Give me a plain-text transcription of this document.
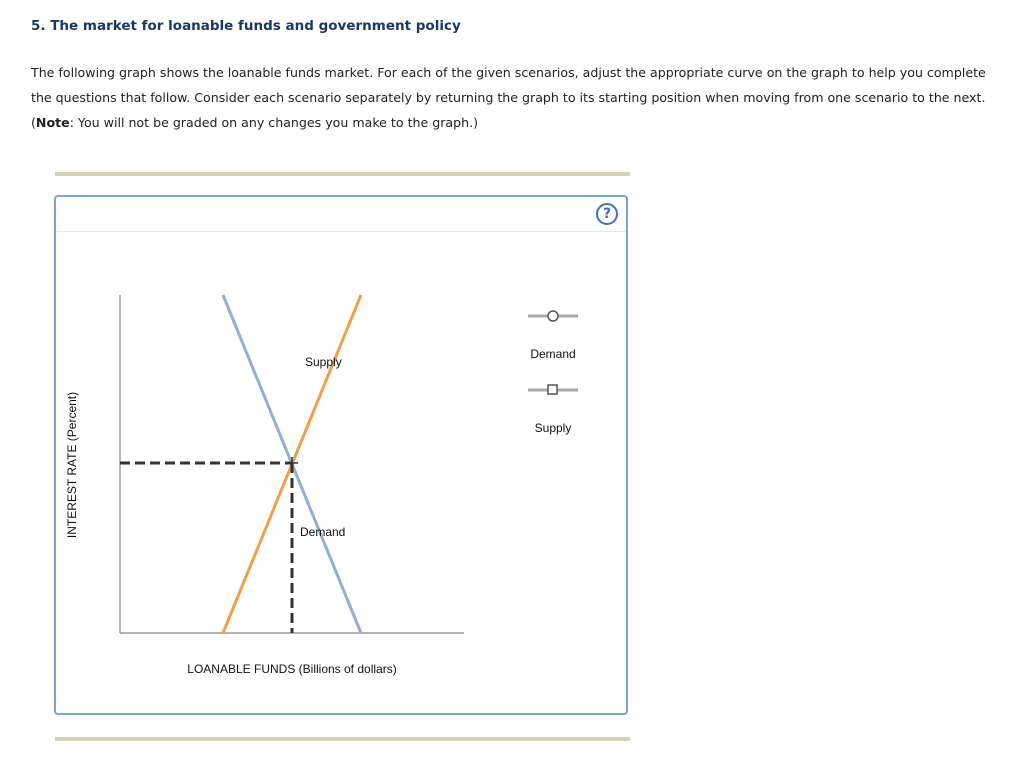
5. The market for loanable funds and government policy

The following graph shows the loanable funds market. For each of the given scenarios, adjust the appropriate curve on the graph to help you complete

the questions that follow. Consider each scenario separately by returning the graph to its starting position when moving from one scenario to the next.

(Note: You will not be graded on any changes you make to the graph.)

?
Supply
Demand
INTEREST RATE (Percent)
LOANABLE FUNDS (Billions of dollars)
Demand
Supply
